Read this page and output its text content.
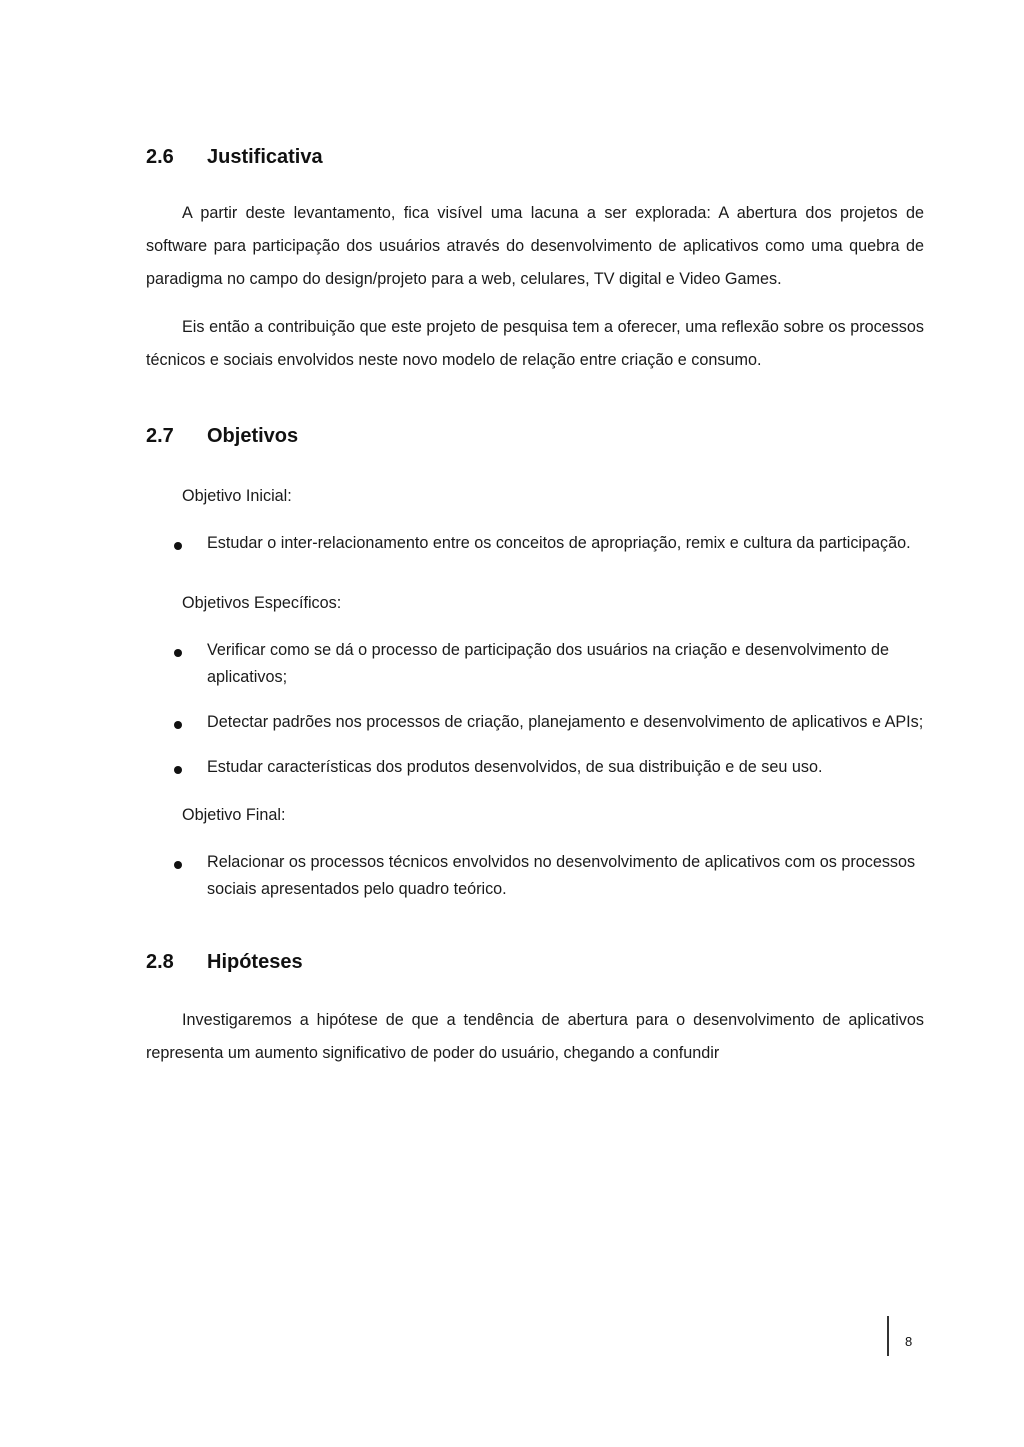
2.6	Justificativa

A partir deste levantamento, fica visível uma lacuna a ser explorada: A abertura dos projetos de software para participação dos usuários através do desenvolvimento de aplicativos como uma quebra de paradigma no campo do design/projeto para a web, celulares, TV digital e Video Games.

Eis então a contribuição que este projeto de pesquisa tem a oferecer, uma reflexão sobre os processos técnicos e sociais envolvidos neste novo modelo de relação entre criação e consumo.

2.7	Objetivos
Objetivo Inicial:
Estudar o inter-relacionamento entre os conceitos de apropriação, remix e cultura da participação.
Objetivos Específicos:
Verificar como se dá o processo de participação dos usuários na criação e desenvolvimento de aplicativos;
Detectar padrões nos processos de criação, planejamento e desenvolvimento de aplicativos e APIs;
Estudar características dos produtos desenvolvidos, de sua distribuição e de seu uso.
Objetivo Final:
Relacionar os processos técnicos envolvidos no desenvolvimento de aplicativos com os processos sociais apresentados pelo quadro teórico.
2.8	Hipóteses

Investigaremos a hipótese de que a tendência de abertura para o desenvolvimento de aplicativos representa um aumento significativo de poder do usuário, chegando a confundir

8
